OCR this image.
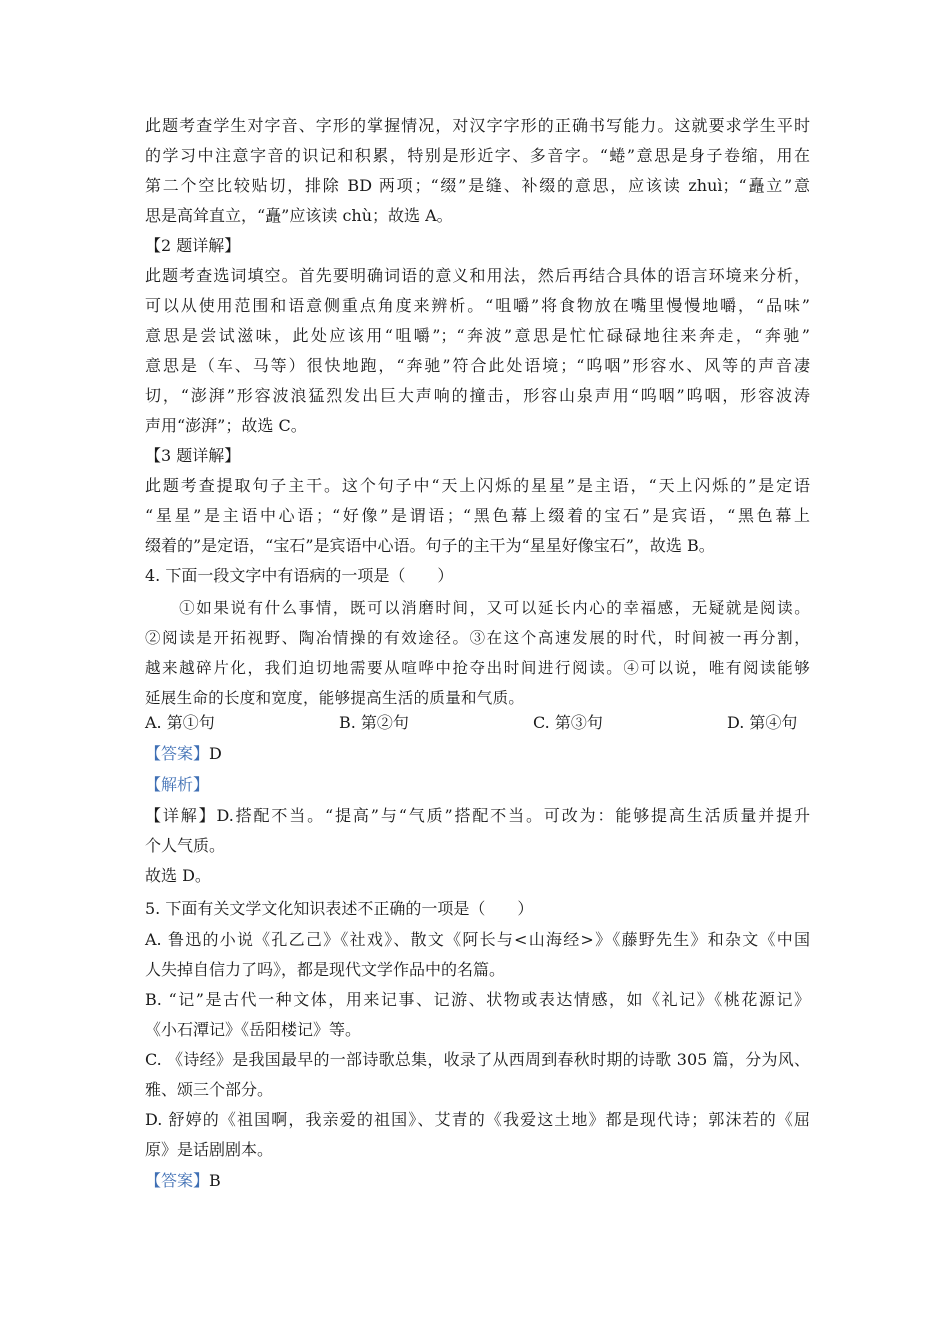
此题考查学生对字音、字形的掌握情况，对汉字字形的正确书写能力。这就要求学生平时
的学习中注意字音的识记和积累，特别是形近字、多音字。“蜷”意思是身子卷缩，用在
第二个空比较贴切，排除 BD 两项；“缀”是缝、补缀的意思，应该读 zhuì；“矗立”意
思是高耸直立，“矗”应该读 chù；故选 A。
【2 题详解】
此题考查选词填空。首先要明确词语的意义和用法，然后再结合具体的语言环境来分析，
可以从使用范围和语意侧重点角度来辨析。“咀嚼”将食物放在嘴里慢慢地嚼，“品味”
意思是尝试滋味，此处应该用“咀嚼”；“奔波”意思是忙忙碌碌地往来奔走，“奔驰”
意思是（车、马等）很快地跑，“奔驰”符合此处语境；“呜咽”形容水、风等的声音凄
切，“澎湃”形容波浪猛烈发出巨大声响的撞击，形容山泉声用“呜咽”呜咽，形容波涛
声用“澎湃”；故选 C。
【3 题详解】
此题考查提取句子主干。这个句子中“天上闪烁的星星”是主语，“天上闪烁的”是定语
“星星”是主语中心语；“好像”是谓语；“黑色幕上缀着的宝石”是宾语，“黑色幕上
缀着的”是定语，“宝石”是宾语中心语。句子的主干为“星星好像宝石”，故选 B。
4. 下面一段文字中有语病的一项是（　　）
　　①如果说有什么事情，既可以消磨时间，又可以延长内心的幸福感，无疑就是阅读。
②阅读是开拓视野、陶冶情操的有效途径。③在这个高速发展的时代，时间被一再分割，
越来越碎片化，我们迫切地需要从喧哗中抢夺出时间进行阅读。④可以说，唯有阅读能够
延展生命的长度和宽度，能够提高生活的质量和气质。
A. 第①句	B. 第②句	C. 第③句	D. 第④句
【答案】D
【解析】
【详解】D.搭配不当。“提高”与“气质”搭配不当。可改为：能够提高生活质量并提升
个人气质。
故选 D。
5. 下面有关文学文化知识表述不正确的一项是（　　）
A. 鲁迅的小说《孔乙己》《社戏》、散文《阿长与<山海经>》《藤野先生》和杂文《中国
人失掉自信力了吗》，都是现代文学作品中的名篇。
B. “记”是古代一种文体，用来记事、记游、状物或表达情感，如《礼记》《桃花源记》
《小石潭记》《岳阳楼记》等。
C. 《诗经》是我国最早的一部诗歌总集，收录了从西周到春秋时期的诗歌 305 篇，分为风、
雅、颂三个部分。
D. 舒婷的《祖国啊，我亲爱的祖国》、艾青的《我爱这土地》都是现代诗；郭沫若的《屈
原》是话剧剧本。
【答案】B
